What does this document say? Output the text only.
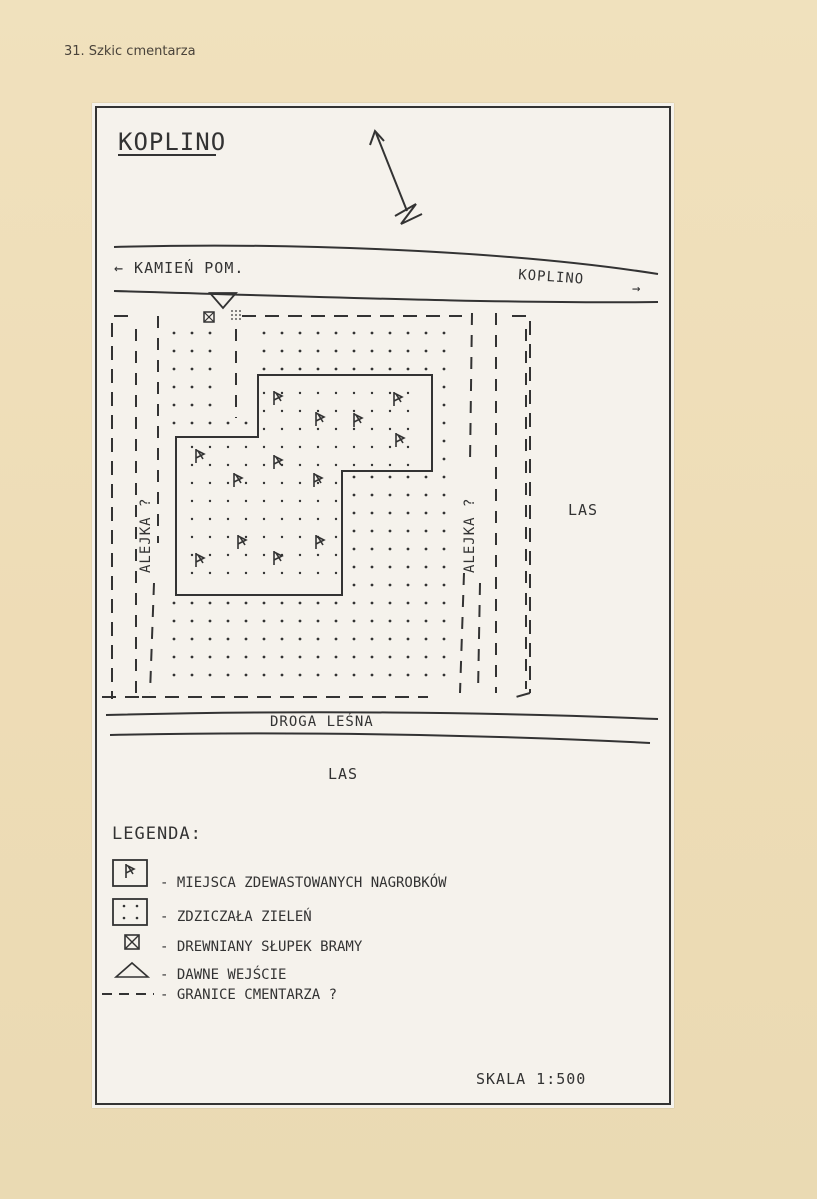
31. Szkic cmentarza
KOPLINO
← KAMIEŃ POM.	KOPLINO
→
ALEJKA ?	ALEJKA ?	LAS
DROGA LEŚNA
LAS
LEGENDA:
- MIEJSCA ZDEWASTOWANYCH NAGROBKÓW
- ZDZICZAŁA ZIELEŃ
- DREWNIANY SŁUPEK BRAMY
- DAWNE WEJŚCIE
- GRANICE CMENTARZA ?
SKALA 1:500
